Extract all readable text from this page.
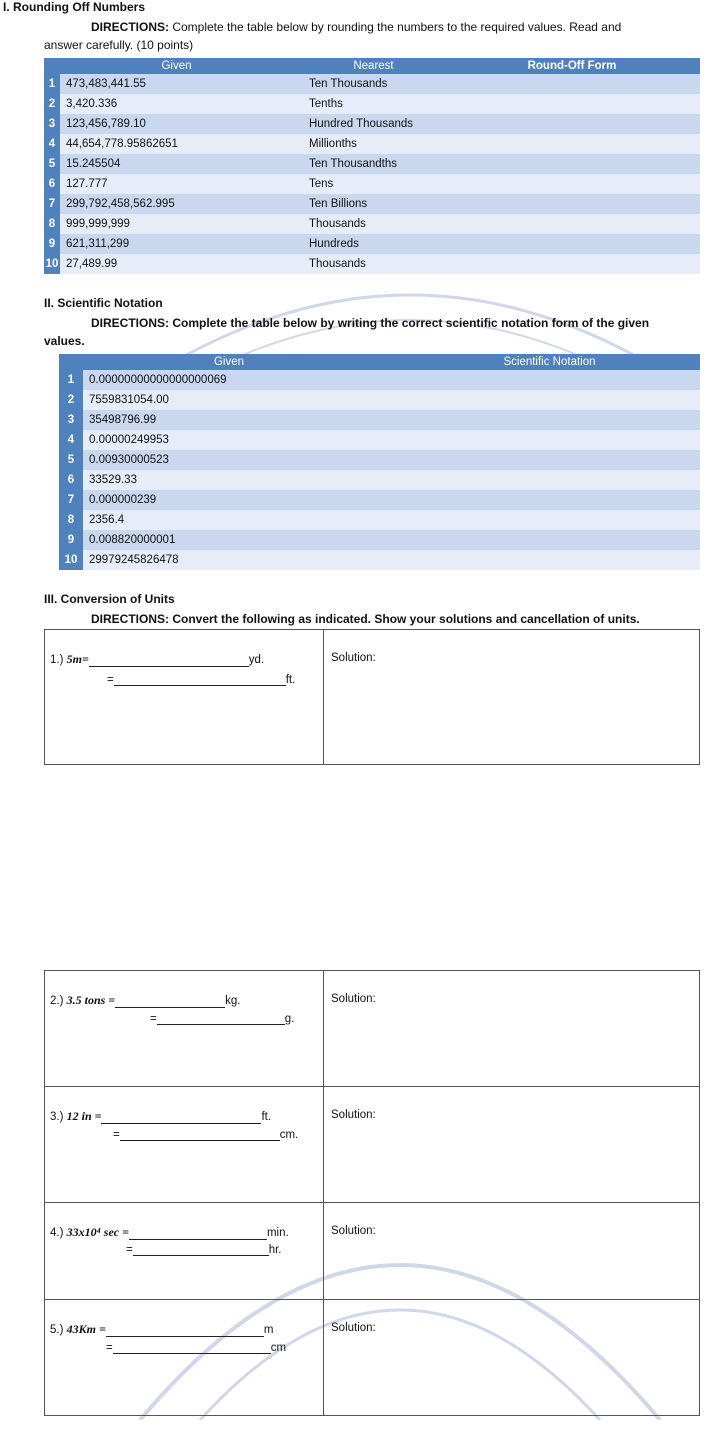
I. Rounding Off Numbers
DIRECTIONS: Complete the table below by rounding the numbers to the required values. Read and
answer carefully. (10 points)
Given		Nearest	Round-Off Form
1	473,483,441.55	Ten Thousands	
2	3,420.336	Tenths	
3	123,456,789.10	Hundred Thousands	
4	44,654,778.95862651	Millionths	
5	15.245504	Ten Thousandths	
6	127.777	Tens	
7	299,792,458,562.995	Ten Billions	
8	999,999,999	Thousands	
9	621,311,299	Hundreds	
10	27,489.99	Thousands	
II. Scientific Notation
DIRECTIONS: Complete the table below by writing the correct scientific notation form of the given
values.
Given		Scientific Notation
1	0.00000000000000000069	
2	7559831054.00	
3	35498796.99	
4	0.00000249953	
5	0.00930000523	
6	33529.33	
7	0.000000239	
8	2356.4	
9	0.008820000001	
10	29979245826478	
III. Conversion of Units
DIRECTIONS: Convert the following as indicated. Show your solutions and cancellation of units.
1.) 5m=	yd.
=	ft.
Solution:
2.) 3.5 tons =	kg.
=	g.
Solution:
3.) 12 in =	ft.
=	cm.
Solution:
4.) 33x10⁴ sec =	min.
=	hr.
Solution:
5.) 43Km =	m
=	cm
Solution:
